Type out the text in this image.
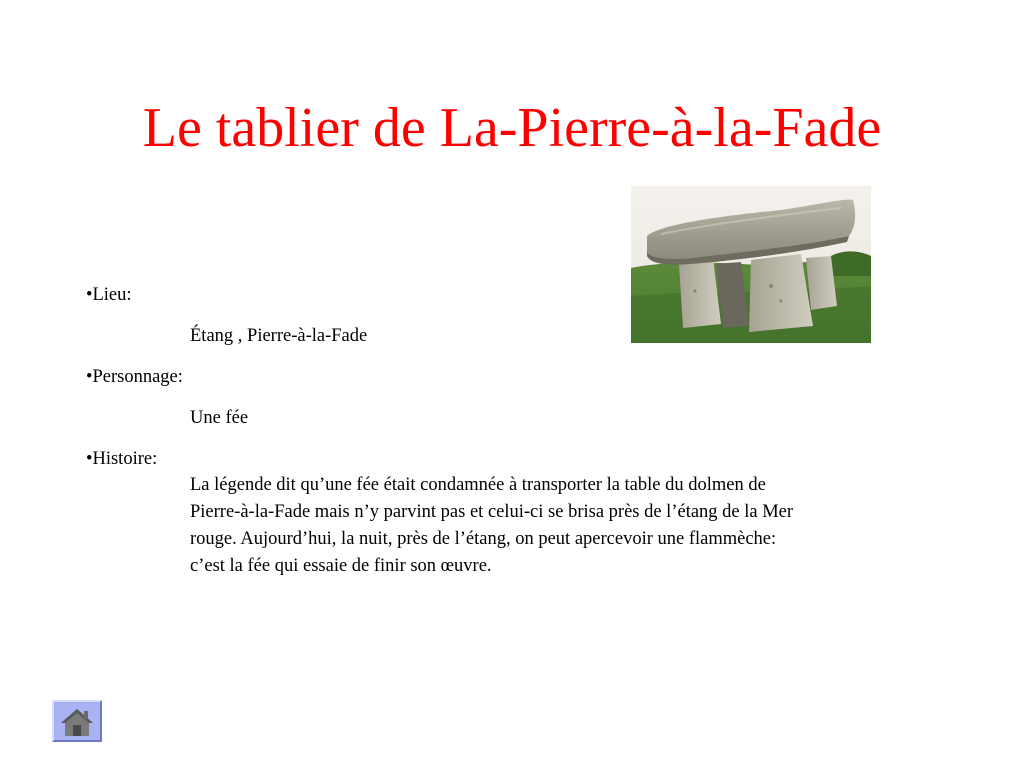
Le tablier de La-Pierre-à-la-Fade

•Lieu:

Étang , Pierre-à-la-Fade

•Personnage:

Une fée

•Histoire:

La légende dit qu’une fée était condamnée à transporter la table du dolmen de
Pierre-à-la-Fade mais n’y parvint pas et celui-ci se brisa près de l’étang de la Mer
rouge. Aujourd’hui, la nuit, près de l’étang, on peut apercevoir une flammèche:
c’est la fée qui essaie de finir son œuvre.
